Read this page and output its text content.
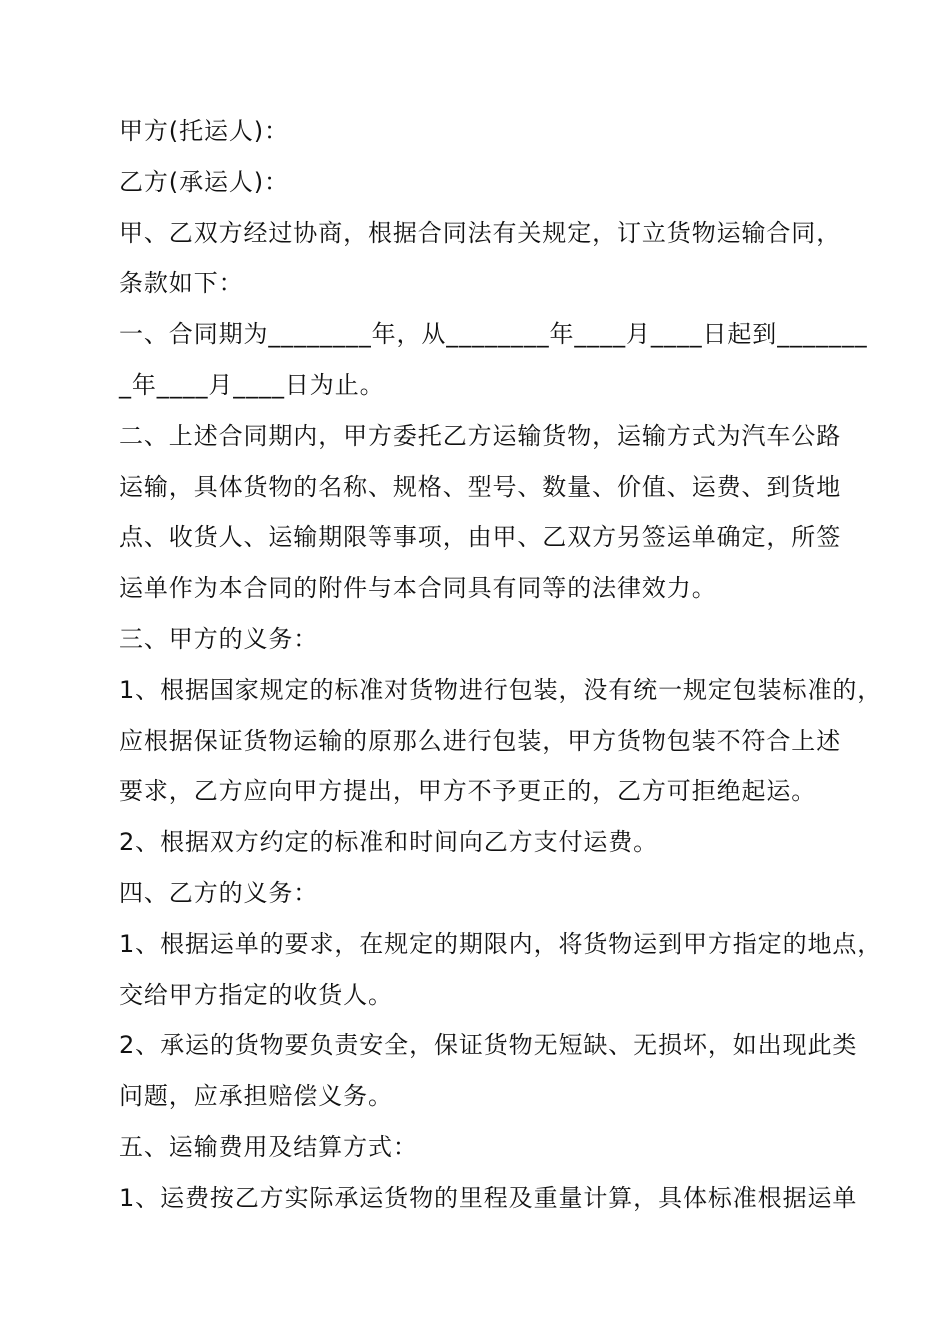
甲方(托运人)：
乙方(承运人)：
甲、乙双方经过协商，根据合同法有关规定，订立货物运输合同，
条款如下：
一、合同期为________年，从________年____月____日起到_______
_年____月____日为止。
二、上述合同期内，甲方委托乙方运输货物，运输方式为汽车公路
运输，具体货物的名称、规格、型号、数量、价值、运费、到货地
点、收货人、运输期限等事项，由甲、乙双方另签运单确定，所签
运单作为本合同的附件与本合同具有同等的法律效力。
三、甲方的义务：
1、根据国家规定的标准对货物进行包装，没有统一规定包装标准的，
应根据保证货物运输的原那么进行包装，甲方货物包装不符合上述
要求，乙方应向甲方提出，甲方不予更正的，乙方可拒绝起运。
2、根据双方约定的标准和时间向乙方支付运费。
四、乙方的义务：
1、根据运单的要求，在规定的期限内，将货物运到甲方指定的地点，
交给甲方指定的收货人。
2、承运的货物要负责安全，保证货物无短缺、无损坏，如出现此类
问题，应承担赔偿义务。
五、运输费用及结算方式：
1、运费按乙方实际承运货物的里程及重量计算，具体标准根据运单
